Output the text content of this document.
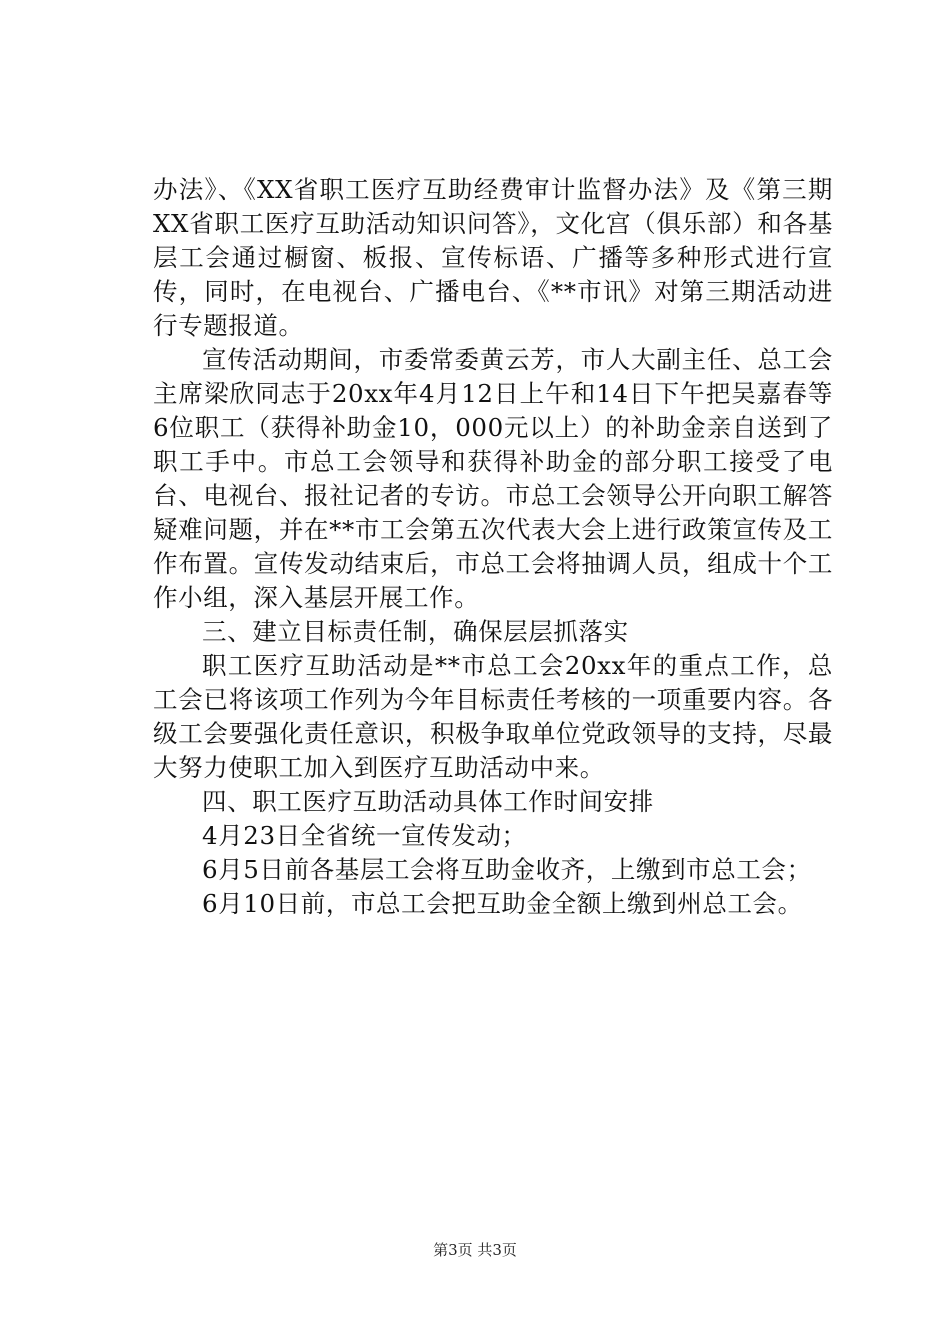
办法》、《XX省职工医疗互助经费审计监督办法》及《第三期XX省职工医疗互助活动知识问答》，文化宫（俱乐部）和各基层工会通过橱窗、板报、宣传标语、广播等多种形式进行宣传，同时，在电视台、广播电台、《**市讯》对第三期活动进行专题报道。

宣传活动期间，市委常委黄云芳，市人大副主任、总工会主席梁欣同志于20xx年4月12日上午和14日下午把吴嘉春等6位职工（获得补助金10，000元以上）的补助金亲自送到了职工手中。市总工会领导和获得补助金的部分职工接受了电台、电视台、报社记者的专访。市总工会领导公开向职工解答疑难问题，并在**市工会第五次代表大会上进行政策宣传及工作布置。宣传发动结束后，市总工会将抽调人员，组成十个工作小组，深入基层开展工作。

三、建立目标责任制，确保层层抓落实

职工医疗互助活动是**市总工会20xx年的重点工作，总工会已将该项工作列为今年目标责任考核的一项重要内容。各级工会要强化责任意识，积极争取单位党政领导的支持，尽最大努力使职工加入到医疗互助活动中来。

四、职工医疗互助活动具体工作时间安排

4月23日全省统一宣传发动；

6月5日前各基层工会将互助金收齐，上缴到市总工会；

6月10日前，市总工会把互助金全额上缴到州总工会。

第3页 共3页
